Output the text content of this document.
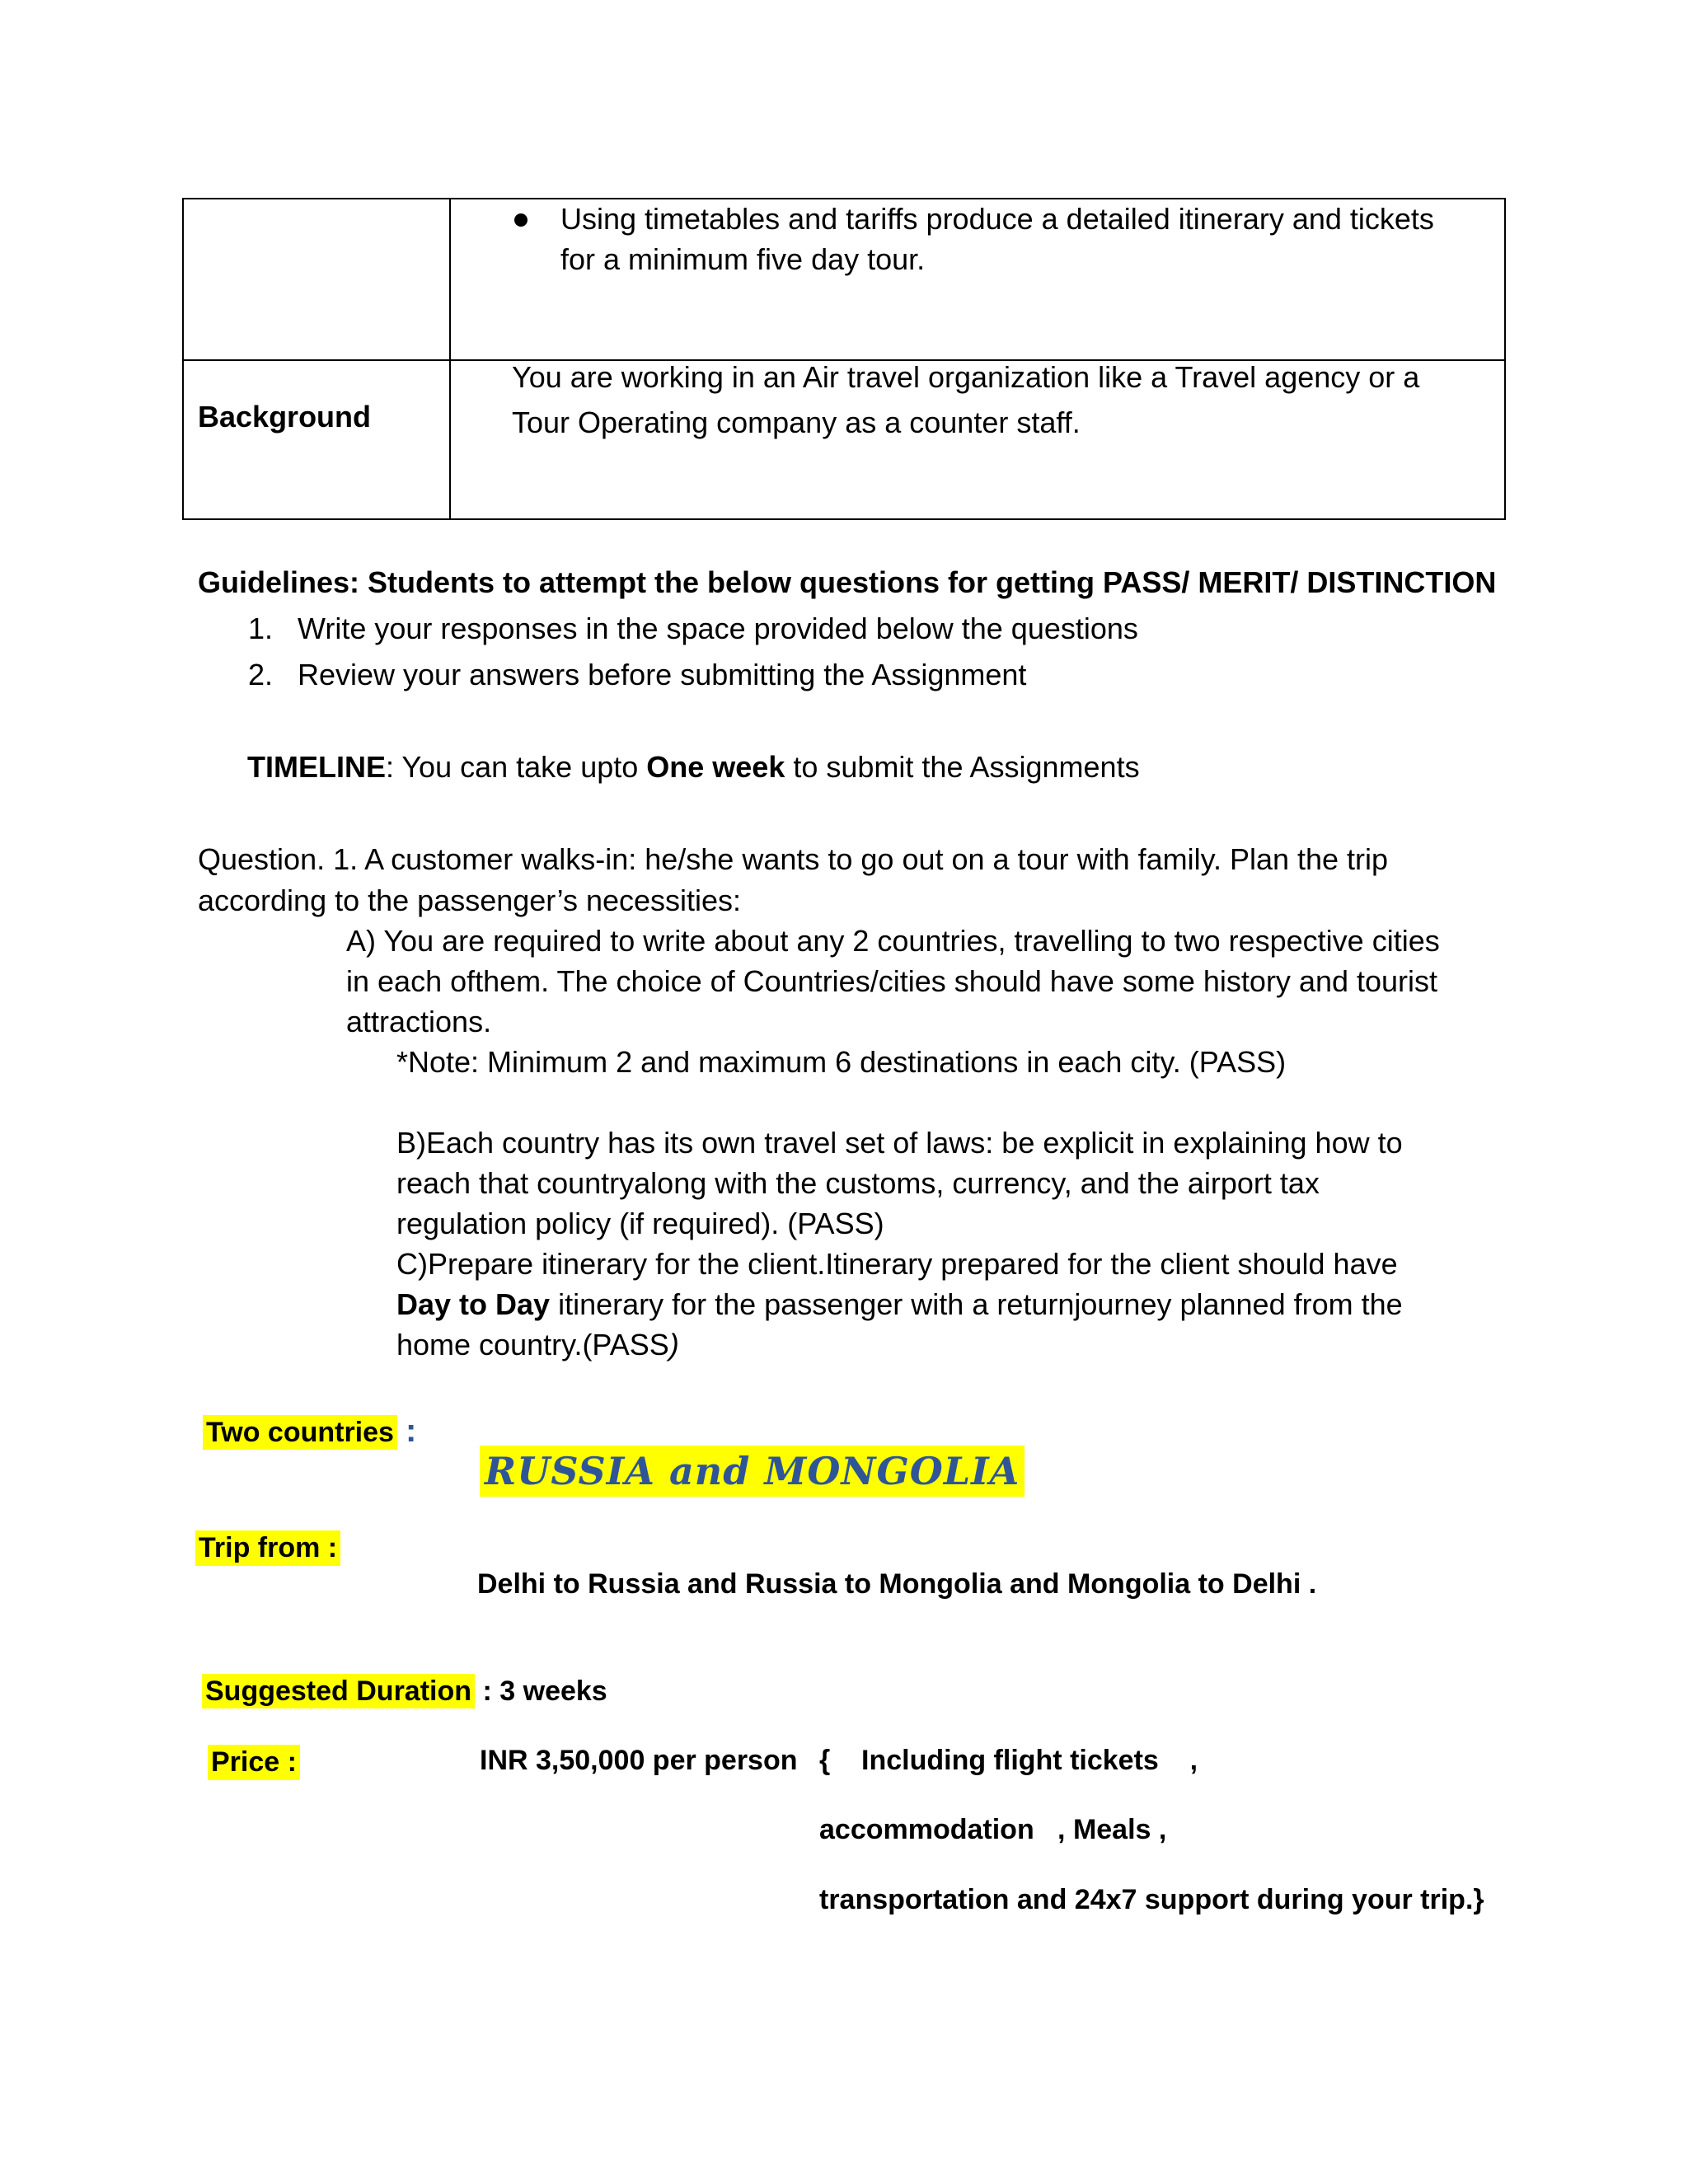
Using timetables and tariffs produce a detailed itinerary and tickets
for a minimum five day tour.
Background
You are working in an Air travel organization like a Travel agency or a
Tour Operating company as a counter staff.
Guidelines: Students to attempt the below questions for getting PASS/ MERIT/ DISTINCTION
1. Write your responses in the space provided below the questions
2. Review your answers before submitting the Assignment
TIMELINE: You can take upto One week to submit the Assignments
Question. 1. A customer walks-in: he/she wants to go out on a tour with family. Plan the trip
according to the passenger’s necessities:
A) You are required to write about any 2 countries, travelling to two respective cities
in each ofthem. The choice of Countries/cities should have some history and tourist
attractions.
*Note: Minimum 2 and maximum 6 destinations in each city. (PASS)
B)Each country has its own travel set of laws: be explicit in explaining how to
reach that countryalong with the customs, currency, and the airport tax
regulation policy (if required). (PASS)
C)Prepare itinerary for the client.Itinerary prepared for the client should have
Day to Day itinerary for the passenger with a returnjourney planned from the
home country.(PASS)
Two countries :
RUSSIA and MONGOLIA
Trip from :
Delhi to Russia and Russia to Mongolia and Mongolia to Delhi .
Suggested Duration : 3 weeks
Price :	INR 3,50,000 per person {    Including flight tickets    ,
accommodation   , Meals ,
transportation and 24x7 support during your trip.}
